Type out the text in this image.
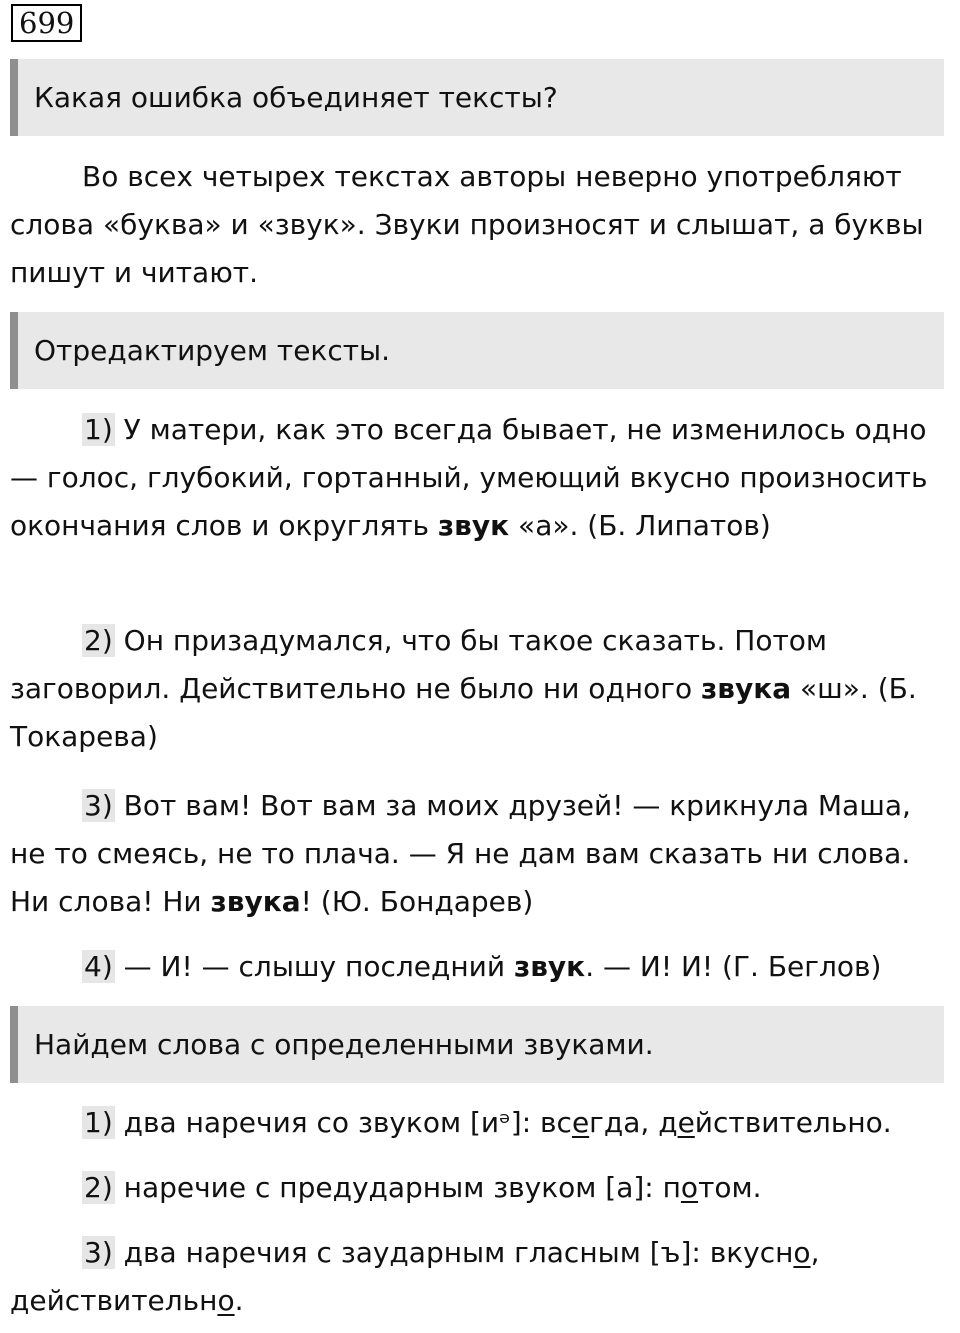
699
Какая ошибка объединяет тексты?

Во всех четырех текстах авторы неверно употребляют слова «буква» и «звук». Звуки произносят и слышат, а буквы пишут и читают.

Отредактируем тексты.

1) У матери, как это всегда бывает, не изменилось одно — голос, глубокий, гортанный, умеющий вкусно произносить окончания слов и округлять звук «а». (Б. Липатов)

2) Он призадумался, что бы такое сказать. Потом заговорил. Действительно не было ни одного звука «ш». (Б. Токарева)

3) Вот вам! Вот вам за моих друзей! — крикнула Маша, не то смеясь, не то плача. — Я не дам вам сказать ни слова. Ни слова! Ни звука! (Ю. Бондарев)

4) — И! — слышу последний звук. — И! И! (Г. Беглов)

Найдем слова с определенными звуками.

1) два наречия со звуком [иᵊ]: всегда, действительно.

2) наречие с предударным звуком [а]: потом.

3) два наречия с заударным гласным [ъ]: вкусно, действительно.
